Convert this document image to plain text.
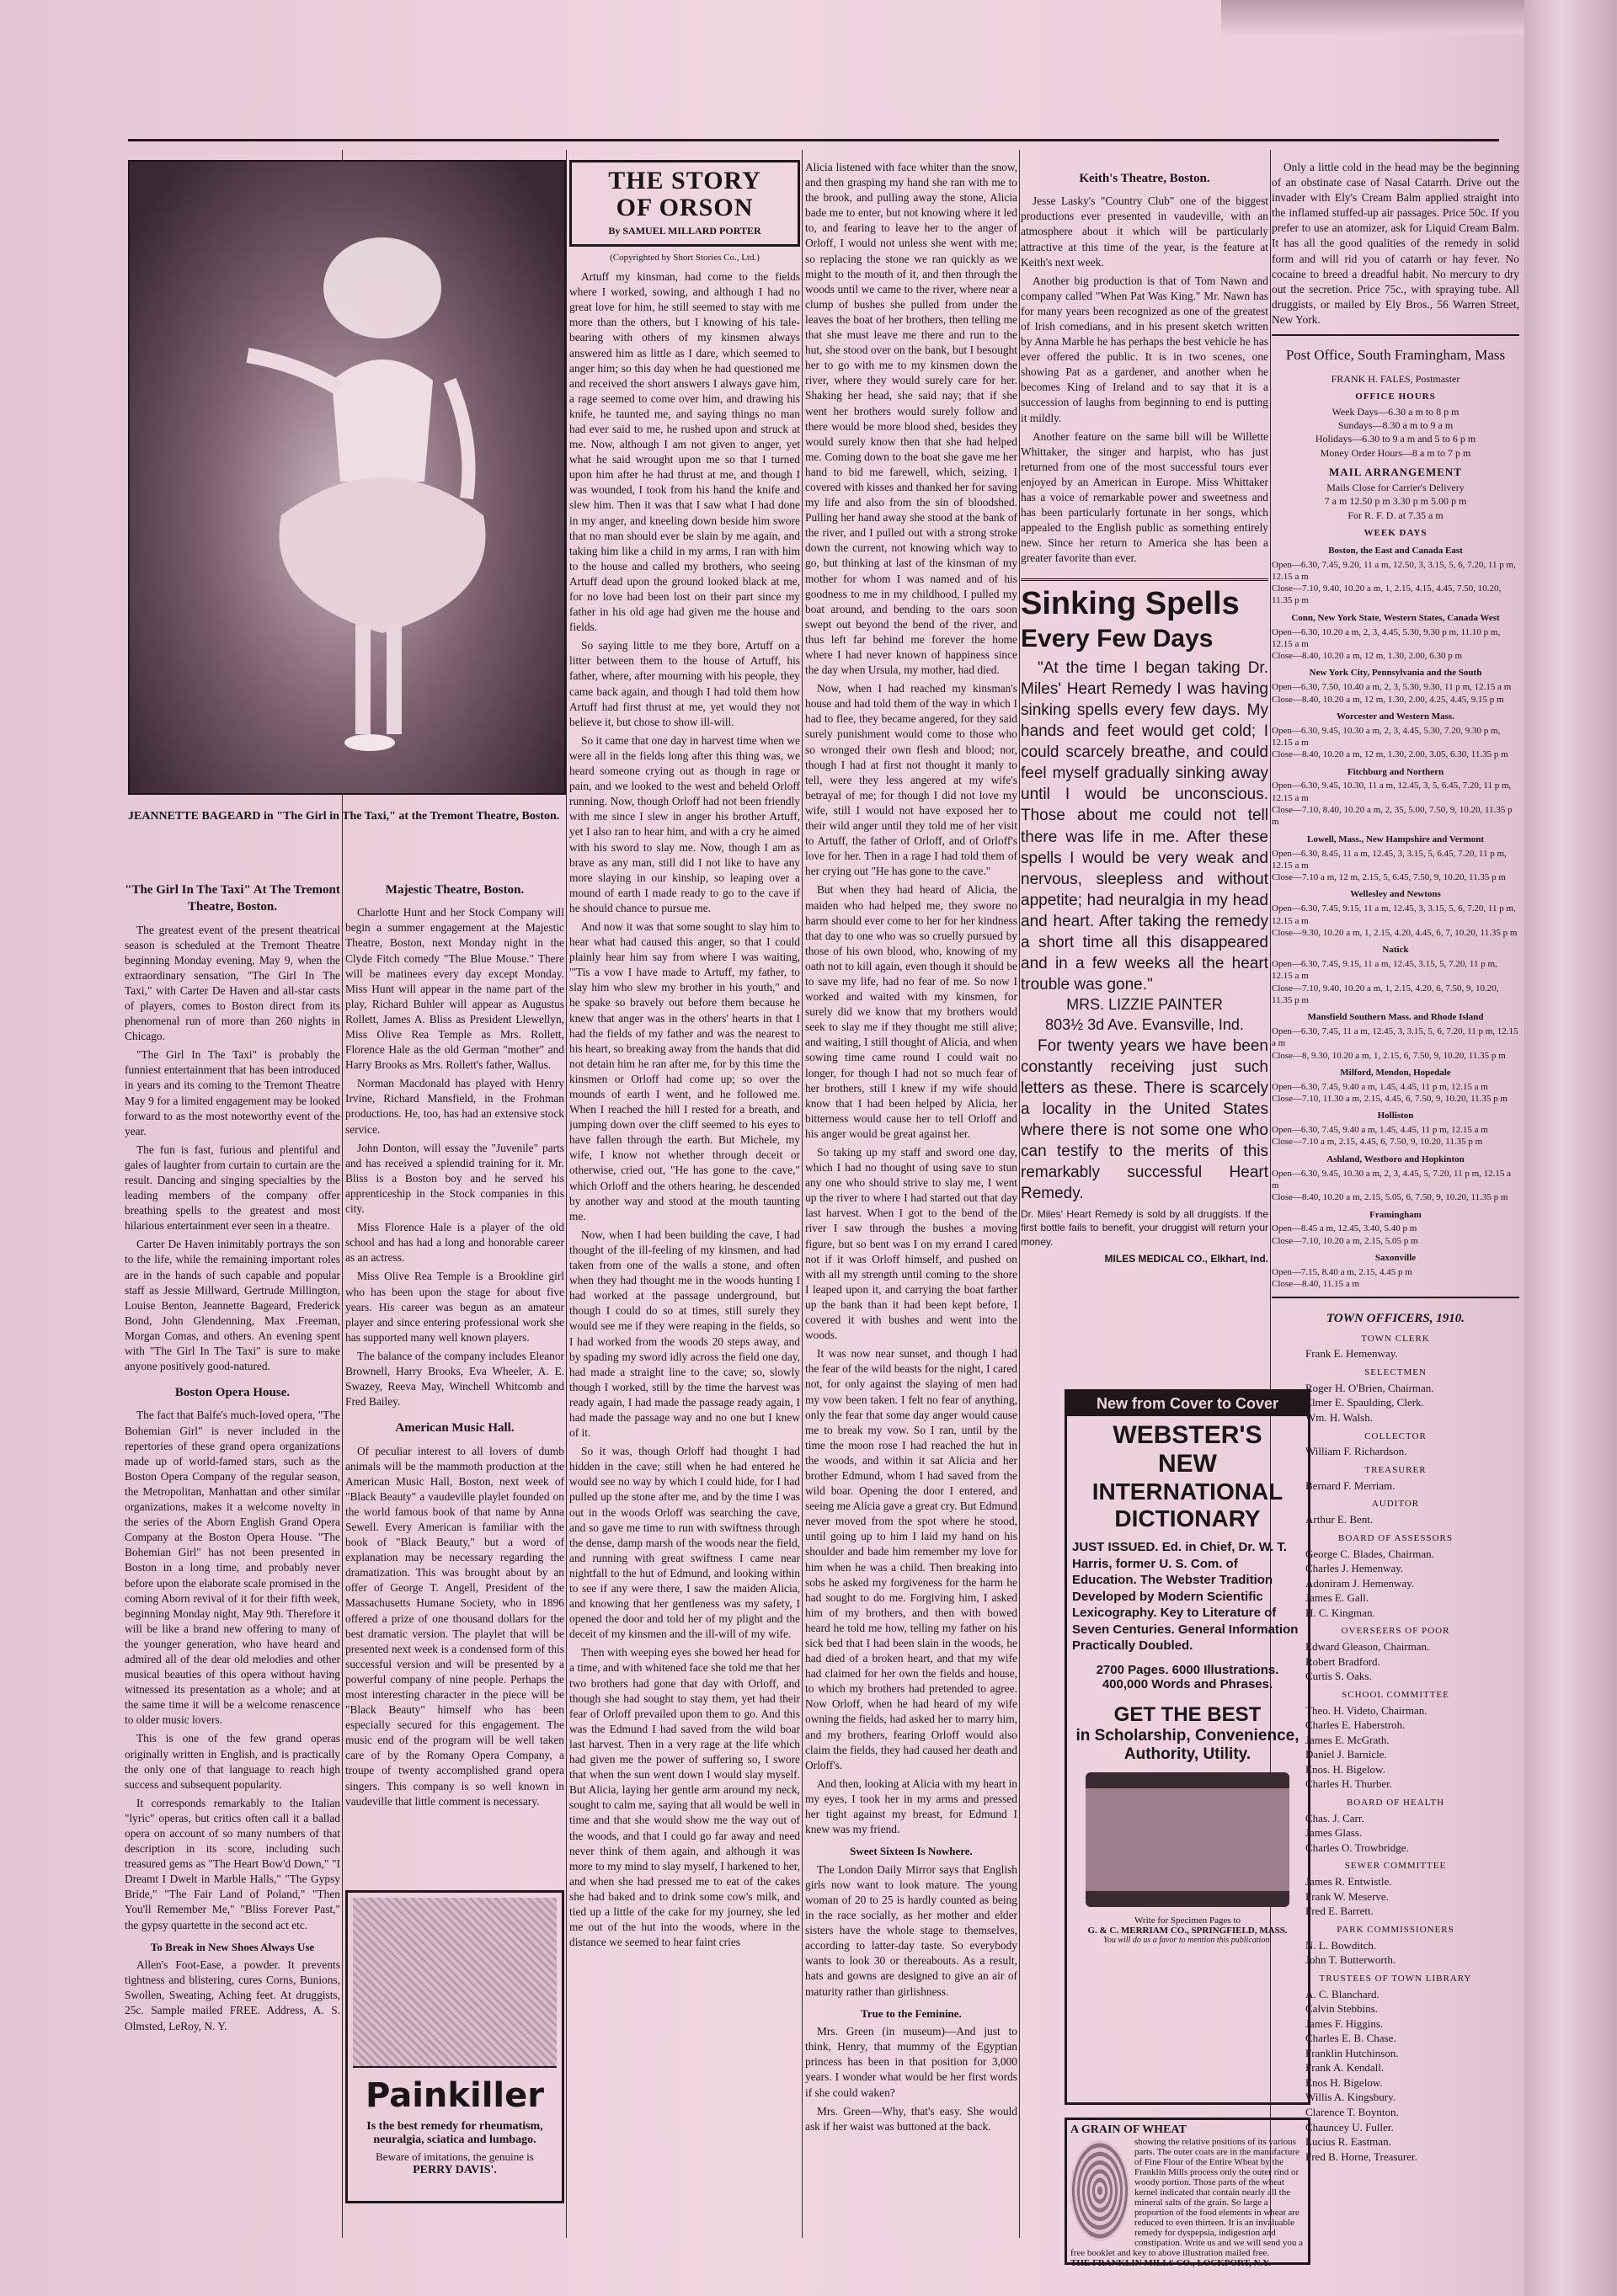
JEANNETTE BAGEARD in "The Girl in The Taxi," at the Tremont Theatre, Boston.
"The Girl In The Taxi" At The Tremont Theatre, Boston.

The greatest event of the present theatrical season is scheduled at the Tremont Theatre beginning Monday evening, May 9, when the extraordinary sensation, "The Girl In The Taxi," with Carter De Haven and all-star casts of players, comes to Boston direct from its phenomenal run of more than 260 nights in Chicago.

"The Girl In The Taxi" is probably the funniest entertainment that has been introduced in years and its coming to the Tremont Theatre May 9 for a limited engagement may be looked forward to as the most noteworthy event of the year.

The fun is fast, furious and plentiful and gales of laughter from curtain to curtain are the result. Dancing and singing specialties by the leading members of the company offer breathing spells to the greatest and most hilarious entertainment ever seen in a theatre.

Carter De Haven inimitably portrays the son to the life, while the remaining important roles are in the hands of such capable and popular staff as Jessie Millward, Gertrude Millington, Louise Benton, Jeannette Bageard, Frederick Bond, John Glendenning, Max .Freeman, Morgan Comas, and others. An evening spent with "The Girl In The Taxi" is sure to make anyone positively good-natured.

Boston Opera House.

The fact that Balfe's much-loved opera, "The Bohemian Girl" is never included in the repertories of these grand opera organizations made up of world-famed stars, such as the Boston Opera Company of the regular season, the Metropolitan, Manhattan and other similar organizations, makes it a welcome novelty in the series of the Aborn English Grand Opera Company at the Boston Opera House. "The Bohemian Girl" has not been presented in Boston in a long time, and probably never before upon the elaborate scale promised in the coming Aborn revival of it for their fifth week, beginning Monday night, May 9th. Therefore it will be like a brand new offering to many of the younger generation, who have heard and admired all of the dear old melodies and other musical beauties of this opera without having witnessed its presentation as a whole; and at the same time it will be a welcome renascence to older music lovers.

This is one of the few grand operas originally written in English, and is practically the only one of that language to reach high success and subsequent popularity.

It corresponds remarkably to the Italian "lyric" operas, but critics often call it a ballad opera on account of so many numbers of that description in its score, including such treasured gems as "The Heart Bow'd Down," "I Dreamt I Dwelt in Marble Halls," "The Gypsy Bride," "The Fair Land of Poland," "Then You'll Remember Me," "Bliss Forever Past," the gypsy quartette in the second act etc.

To Break in New Shoes Always Use

Allen's Foot-Ease, a powder. It prevents tightness and blistering, cures Corns, Bunions, Swollen, Sweating, Aching feet. At druggists, 25c. Sample mailed FREE. Address, A. S. Olmsted, LeRoy, N. Y.

Majestic Theatre, Boston.

Charlotte Hunt and her Stock Company will begin a summer engagement at the Majestic Theatre, Boston, next Monday night in the Clyde Fitch comedy "The Blue Mouse." There will be matinees every day except Monday. Miss Hunt will appear in the name part of the play, Richard Buhler will appear as Augustus Rollett, James A. Bliss as President Llewellyn, Miss Olive Rea Temple as Mrs. Rollett, Florence Hale as the old German "mother" and Harry Brooks as Mrs. Rollett's father, Wallus.

Norman Macdonald has played with Henry Irvine, Richard Mansfield, in the Frohman productions. He, too, has had an extensive stock service.

John Donton, will essay the "Juvenile" parts and has received a splendid training for it. Mr. Bliss is a Boston boy and he served his apprenticeship in the Stock companies in this city.

Miss Florence Hale is a player of the old school and has had a long and honorable career as an actress.

Miss Olive Rea Temple is a Brookline girl who has been upon the stage for about five years. His career was begun as an amateur player and since entering professional work she has supported many well known players.

The balance of the company includes Eleanor Brownell, Harry Brooks, Eva Wheeler, A. E. Swazey, Reeva May, Winchell Whitcomb and Fred Bailey.

American Music Hall.

Of peculiar interest to all lovers of dumb animals will be the mammoth production at the American Music Hall, Boston, next week of "Black Beauty" a vaudeville playlet founded on the world famous book of that name by Anna Sewell. Every American is familiar with the book of "Black Beauty," but a word of explanation may be necessary regarding the dramatization. This was brought about by an offer of George T. Angell, President of the Massachusetts Humane Society, who in 1896 offered a prize of one thousand dollars for the best dramatic version. The playlet that will be presented next week is a condensed form of this successful version and will be presented by a powerful company of nine people. Perhaps the most interesting character in the piece will be "Black Beauty" himself who has been especially secured for this engagement. The music end of the program will be well taken care of by the Romany Opera Company, a troupe of twenty accomplished grand opera singers. This company is so well known in vaudeville that little comment is necessary.

Painkiller
Is the best remedy for rheumatism, neuralgia, sciatica and lumbago.
Beware of imitations, the genuine is
PERRY DAVIS'.
THE STORY
OF ORSON
By SAMUEL MILLARD PORTER
(Copyrighted by Short Stories Co., Ltd.)

Artuff my kinsman, had come to the fields where I worked, sowing, and although I had no great love for him, he still seemed to stay with me more than the others, but I knowing of his tale-bearing with others of my kinsmen always answered him as little as I dare, which seemed to anger him; so this day when he had questioned me and received the short answers I always gave him, a rage seemed to come over him, and drawing his knife, he taunted me, and saying things no man had ever said to me, he rushed upon and struck at me. Now, although I am not given to anger, yet what he said wrought upon me so that I turned upon him after he had thrust at me, and though I was wounded, I took from his hand the knife and slew him. Then it was that I saw what I had done in my anger, and kneeling down beside him swore that no man should ever be slain by me again, and taking him like a child in my arms, I ran with him to the house and called my brothers, who seeing Artuff dead upon the ground looked black at me, for no love had been lost on their part since my father in his old age had given me the house and fields.

So saying little to me they bore, Artuff on a litter between them to the house of Artuff, his father, where, after mourning with his people, they came back again, and though I had told them how Artuff had first thrust at me, yet would they not believe it, but chose to show ill-will.

So it came that one day in harvest time when we were all in the fields long after this thing was, we heard someone crying out as though in rage or pain, and we looked to the west and beheld Orloff running. Now, though Orloff had not been friendly with me since I slew in anger his brother Artuff, yet I also ran to hear him, and with a cry he aimed with his sword to slay me. Now, though I am as brave as any man, still did I not like to have any more slaying in our kinship, so leaping over a mound of earth I made ready to go to the cave if he should chance to pursue me.

And now it was that some sought to slay him to hear what had caused this anger, so that I could plainly hear him say from where I was waiting, "'Tis a vow I have made to Artuff, my father, to slay him who slew my brother in his youth," and he spake so bravely out before them because he knew that anger was in the others' hearts in that I had the fields of my father and was the nearest to his heart, so breaking away from the hands that did not detain him he ran after me, for by this time the kinsmen or Orloff had come up; so over the mounds of earth I went, and he followed me. When I reached the hill I rested for a breath, and jumping down over the cliff seemed to his eyes to have fallen through the earth. But Michele, my wife, I know not whether through deceit or otherwise, cried out, "He has gone to the cave," which Orloff and the others hearing, he descended by another way and stood at the mouth taunting me.

Now, when I had been building the cave, I had thought of the ill-feeling of my kinsmen, and had taken from one of the walls a stone, and often when they had thought me in the woods hunting I had worked at the passage underground, but though I could do so at times, still surely they would see me if they were reaping in the fields, so I had worked from the woods 20 steps away, and by spading my sword idly across the field one day, had made a straight line to the cave; so, slowly though I worked, still by the time the harvest was ready again, I had made the passage ready again, I had made the passage way and no one but I knew of it.

So it was, though Orloff had thought I had hidden in the cave; still when he had entered he would see no way by which I could hide, for I had pulled up the stone after me, and by the time I was out in the woods Orloff was searching the cave, and so gave me time to run with swiftness through the dense, damp marsh of the woods near the field, and running with great swiftness I came near nightfall to the hut of Edmund, and looking within to see if any were there, I saw the maiden Alicia, and knowing that her gentleness was my safety, I opened the door and told her of my plight and the deceit of my kinsmen and the ill-will of my wife.

Then with weeping eyes she bowed her head for a time, and with whitened face she told me that her two brothers had gone that day with Orloff, and though she had sought to stay them, yet had their fear of Orloff prevailed upon them to go. And this was the Edmund I had saved from the wild boar last harvest. Then in a very rage at the life which had given me the power of suffering so, I swore that when the sun went down I would slay myself. But Alicia, laying her gentle arm around my neck, sought to calm me, saying that all would be well in time and that she would show me the way out of the woods, and that I could go far away and need never think of them again, and although it was more to my mind to slay myself, I harkened to her, and when she had pressed me to eat of the cakes she had baked and to drink some cow's milk, and tied up a little of the cake for my journey, she led me out of the hut into the woods, where in the distance we seemed to hear faint cries

Alicia listened with face whiter than the snow, and then grasping my hand she ran with me to the brook, and pulling away the stone, Alicia bade me to enter, but not knowing where it led to, and fearing to leave her to the anger of Orloff, I would not unless she went with me; so replacing the stone we ran quickly as we might to the mouth of it, and then through the woods until we came to the river, where near a clump of bushes she pulled from under the leaves the boat of her brothers, then telling me that she must leave me there and run to the hut, she stood over on the bank, but I besought her to go with me to my kinsmen down the river, where they would surely care for her. Shaking her head, she said nay; that if she went her brothers would surely follow and there would be more blood shed, besides they would surely know then that she had helped me. Coming down to the boat she gave me her hand to bid me farewell, which, seizing, I covered with kisses and thanked her for saving my life and also from the sin of bloodshed. Pulling her hand away she stood at the bank of the river, and I pulled out with a strong stroke down the current, not knowing which way to go, but thinking at last of the kinsman of my mother for whom I was named and of his goodness to me in my childhood, I pulled my boat around, and bending to the oars soon swept out beyond the bend of the river, and thus left far behind me forever the home where I had never known of happiness since the day when Ursula, my mother, had died.

Now, when I had reached my kinsman's house and had told them of the way in which I had to flee, they became angered, for they said surely punishment would come to those who so wronged their own flesh and blood; nor, though I had at first not thought it manly to tell, were they less angered at my wife's betrayal of me; for though I did not love my wife, still I would not have exposed her to their wild anger until they told me of her visit to Artuff, the father of Orloff, and of Orloff's love for her. Then in a rage I had told them of her crying out "He has gone to the cave."

But when they had heard of Alicia, the maiden who had helped me, they swore no harm should ever come to her for her kindness that day to one who was so cruelly pursued by those of his own blood, who, knowing of my oath not to kill again, even though it should be to save my life, had no fear of me. So now I worked and waited with my kinsmen, for surely did we know that my brothers would seek to slay me if they thought me still alive; and waiting, I still thought of Alicia, and when sowing time came round I could wait no longer, for though I had not so much fear of her brothers, still I knew if my wife should know that I had been helped by Alicia, her bitterness would cause her to tell Orloff and his anger would be great against her.

So taking up my staff and sword one day, which I had no thought of using save to stun any one who should strive to slay me, I went up the river to where I had started out that day last harvest. When I got to the bend of the river I saw through the bushes a moving figure, but so bent was I on my errand I cared not if it was Orloff himself, and pushed on with all my strength until coming to the shore I leaped upon it, and carrying the boat farther up the bank than it had been kept before, I covered it with bushes and went into the woods.

It was now near sunset, and though I had the fear of the wild beasts for the night, I cared not, for only against the slaying of men had my vow been taken. I felt no fear of anything, only the fear that some day anger would cause me to break my vow. So I ran, until by the time the moon rose I had reached the hut in the woods, and within it sat Alicia and her brother Edmund, whom I had saved from the wild boar. Opening the door I entered, and seeing me Alicia gave a great cry. But Edmund never moved from the spot where he stood, until going up to him I laid my hand on his shoulder and bade him remember my love for him when he was a child. Then breaking into sobs he asked my forgiveness for the harm he had sought to do me. Forgiving him, I asked him of my brothers, and then with bowed heard he told me how, telling my father on his sick bed that I had been slain in the woods, he had died of a broken heart, and that my wife had claimed for her own the fields and house, to which my brothers had pretended to agree. Now Orloff, when he had heard of my wife owning the fields, had asked her to marry him, and my brothers, fearing Orloff would also claim the fields, they had caused her death and Orloff's.

And then, looking at Alicia with my heart in my eyes, I took her in my arms and pressed her tight against my breast, for Edmund I knew was my friend.

Sweet Sixteen Is Nowhere.

The London Daily Mirror says that English girls now want to look mature. The young woman of 20 to 25 is hardly counted as being in the race socially, as her mother and elder sisters have the whole stage to themselves, according to latter-day taste. So everybody wants to look 30 or thereabouts. As a result, hats and gowns are designed to give an air of maturity rather than girlishness.

True to the Feminine.

Mrs. Green (in museum)—And just to think, Henry, that mummy of the Egyptian princess has been in that position for 3,000 years. I wonder what would be her first words if she could waken?

Mrs. Green—Why, that's easy. She would ask if her waist was buttoned at the back.

Keith's Theatre, Boston.

Jesse Lasky's "Country Club" one of the biggest productions ever presented in vaudeville, with an atmosphere about it which will be particularly attractive at this time of the year, is the feature at Keith's next week.

Another big production is that of Tom Nawn and company called "When Pat Was King." Mr. Nawn has for many years been recognized as one of the greatest of Irish comedians, and in his present sketch written by Anna Marble he has perhaps the best vehicle he has ever offered the public. It is in two scenes, one showing Pat as a gardener, and another when he becomes King of Ireland and to say that it is a succession of laughs from beginning to end is putting it mildly.

Another feature on the same bill will be Willette Whittaker, the singer and harpist, who has just returned from one of the most successful tours ever enjoyed by an American in Europe. Miss Whittaker has a voice of remarkable power and sweetness and has been particularly fortunate in her songs, which appealed to the English public as something entirely new. Since her return to America she has been a greater favorite than ever.

Sinking Spells
Every Few Days

"At the time I began taking Dr. Miles' Heart Remedy I was having sinking spells every few days. My hands and feet would get cold; I could scarcely breathe, and could feel myself gradually sinking away until I would be unconscious. Those about me could not tell there was life in me. After these spells I would be very weak and nervous, sleepless and without appetite; had neuralgia in my head and heart. After taking the remedy a short time all this disappeared and in a few weeks all the heart trouble was gone."

MRS. LIZZIE PAINTER
803½ 3d Ave. Evansville, Ind.

For twenty years we have been constantly receiving just such letters as these. There is scarcely a locality in the United States where there is not some one who can testify to the merits of this remarkably successful Heart Remedy.

Dr. Miles' Heart Remedy is sold by all druggists. If the first bottle fails to benefit, your druggist will return your money.
MILES MEDICAL CO., Elkhart, Ind.
New from Cover to Cover
WEBSTER'S
NEW
INTERNATIONAL
DICTIONARY
JUST ISSUED. Ed. in Chief, Dr. W. T. Harris, former U. S. Com. of Education. The Webster Tradition Developed by Modern Scientific Lexicography. Key to Literature of Seven Centuries. General Information Practically Doubled.
2700 Pages. 6000 Illustrations. 400,000 Words and Phrases.
GET THE BEST
in Scholarship, Convenience, Authority, Utility.
Write for Specimen Pages to
G. & C. MERRIAM CO., SPRINGFIELD, MASS.
You will do us a favor to mention this publication.
A GRAIN OF WHEAT
showing the relative positions of its various parts. The outer coats are in the manufacture of Fine Flour of the Entire Wheat by the Franklin Mills process only the outer rind or woody portion. Those parts of the wheat kernel indicated that contain nearly all the mineral salts of the grain. So large a proportion of the food elements in wheat are reduced to even thirteen. It is an invaluable remedy for dyspepsia, indigestion and constipation. Write us and we will send you a free booklet and key to above illustration mailed free.
THE FRANKLIN MILLS CO., LOCKPORT, N.Y.

Only a little cold in the head may be the beginning of an obstinate case of Nasal Catarrh. Drive out the invader with Ely's Cream Balm applied straight into the inflamed stuffed-up air passages. Price 50c. If you prefer to use an atomizer, ask for Liquid Cream Balm. It has all the good qualities of the remedy in solid form and will rid you of catarrh or hay fever. No cocaine to breed a dreadful habit. No mercury to dry out the secretion. Price 75c., with spraying tube. All druggists, or mailed by Ely Bros., 56 Warren Street, New York.

Post Office, South Framingham, Mass
FRANK H. FALES, Postmaster
OFFICE HOURS
Week Days—6.30 a m to 8 p m
Sundays—8.30 a m to 9 a m
Holidays—6.30 to 9 a m and 5 to 6 p m
Money Order Hours—8 a m to 7 p m
MAIL ARRANGEMENT
Mails Close for Carrier's Delivery
7 a m 12.50 p m 3.30 p m 5.00 p m
For R. F. D. at 7.35 a m
WEEK DAYS
Boston, the East and Canada East
Open—6.30, 7.45, 9.20, 11 a m, 12.50, 3, 3.15, 5, 6, 7.20, 11 p m, 12.15 a m
Close—7.10, 9.40, 10.20 a m, 1, 2.15, 4.15, 4.45, 7.50, 10.20, 11.35 p m
Conn, New York State, Western States, Canada West
Open—6.30, 10.20 a m, 2, 3, 4.45, 5.30, 9.30 p m, 11.10 p m, 12.15 a m
Close—8.40, 10.20 a m, 12 m, 1.30, 2.00, 6.30 p m
New York City, Pennsylvania and the South
Open—6.30, 7.50, 10.40 a m, 2, 3, 5.30, 9.30, 11 p m, 12.15 a m
Close—8.40, 10.20 a m, 12 m, 1.30, 2.00, 4.25, 4.45, 9.15 p m
Worcester and Western Mass.
Open—6.30, 9.45, 10.30 a m, 2, 3, 4.45, 5.30, 7.20, 9.30 p m, 12.15 a m
Close—8.40, 10.20 a m, 12 m, 1.30, 2.00, 3.05, 6.30, 11.35 p m
Fitchburg and Northern
Open—6.30, 9.45, 10.30, 11 a m, 12.45, 3, 5, 6.45, 7.20, 11 p m, 12.15 a m
Close—7.10, 8.40, 10.20 a m, 2, 35, 5.00, 7.50, 9, 10.20, 11.35 p m
Lowell, Mass., New Hampshire and Vermont
Open—6.30, 8.45, 11 a m, 12.45, 3, 3.15, 5, 6.45, 7.20, 11 p m, 12.15 a m
Close—7.10 a m, 12 m, 2.15, 5, 6.45, 7.50, 9, 10.20, 11.35 p m
Wellesley and Newtons
Open—6.30, 7.45, 9.15, 11 a m, 12.45, 3, 3.15, 5, 6, 7.20, 11 p m, 12.15 a m
Close—9.30, 10.20 a m, 1, 2.15, 4.20, 4.45, 6, 7, 10.20, 11.35 p m
Natick
Open—6.30, 7.45, 9.15, 11 a m, 12.45, 3.15, 5, 7.20, 11 p m, 12.15 a m
Close—7.10, 9.40, 10.20 a m, 1, 2.15, 4.20, 6, 7.50, 9, 10.20, 11.35 p m
Mansfield Southern Mass. and Rhode Island
Open—6.30, 7.45, 11 a m, 12.45, 3, 3.15, 5, 6, 7.20, 11 p m, 12.15 a m
Close—8, 9.30, 10.20 a m, 1, 2.15, 6, 7.50, 9, 10.20, 11.35 p m
Milford, Mendon, Hopedale
Open—6.30, 7.45, 9.40 a m, 1.45, 4.45, 11 p m, 12.15 a m
Close—7.10, 11.30 a m, 2.15, 4.45, 6, 7.50, 9, 10.20, 11.35 p m
Holliston
Open—6.30, 7.45, 9.40 a m, 1.45, 4.45, 11 p m, 12.15 a m
Close—7.10 a m, 2.15, 4.45, 6, 7.50, 9, 10.20, 11.35 p m
Ashland, Westboro and Hopkinton
Open—6.30, 9.45, 10.30 a m, 2, 3, 4.45, 5, 7.20, 11 p m, 12.15 a m
Close—8.40, 10.20 a m, 2.15, 5.05, 6, 7.50, 9, 10.20, 11.35 p m
Framingham
Open—8.45 a m, 12.45, 3.40, 5.40 p m
Close—7.10, 10.20 a m, 2.15, 5.05 p m
Saxonville
Open—7.15, 8.40 a m, 2.15, 4.45 p m
Close—8.40, 11.15 a m
TOWN OFFICERS, 1910.
TOWN CLERK

Frank E. Hemenway.

SELECTMEN

Roger H. O'Brien, Chairman.

Elmer E. Spaulding, Clerk.

Wm. H. Walsh.

COLLECTOR

William F. Richardson.

TREASURER

Bernard F. Merriam.

AUDITOR

Arthur E. Bent.

BOARD OF ASSESSORS

George C. Blades, Chairman.

Charles J. Hemenway.

Adoniram J. Hemenway.

James E. Gall.

H. C. Kingman.

OVERSEERS OF POOR

Edward Gleason, Chairman.

Robert Bradford.

Curtis S. Oaks.

SCHOOL COMMITTEE

Theo. H. Videto, Chairman.

Charles E. Haberstroh.

James E. McGrath.

Daniel J. Barnicle.

Enos. H. Bigelow.

Charles H. Thurber.

BOARD OF HEALTH

Chas. J. Carr.

James Glass.

Charles O. Trowbridge.

SEWER COMMITTEE

James R. Entwistle.

Frank W. Meserve.

Fred E. Barrett.

PARK COMMISSIONERS

N. L. Bowditch.

John T. Butterworth.

TRUSTEES OF TOWN LIBRARY

A. C. Blanchard.

Calvin Stebbins.

James F. Higgins.

Charles E. B. Chase.

Franklin Hutchinson.

Frank A. Kendall.

Enos H. Bigelow.

Willis A. Kingsbury.

Clarence T. Boynton.

Chauncey U. Fuller.

Lucius R. Eastman.

Fred B. Horne, Treasurer.
